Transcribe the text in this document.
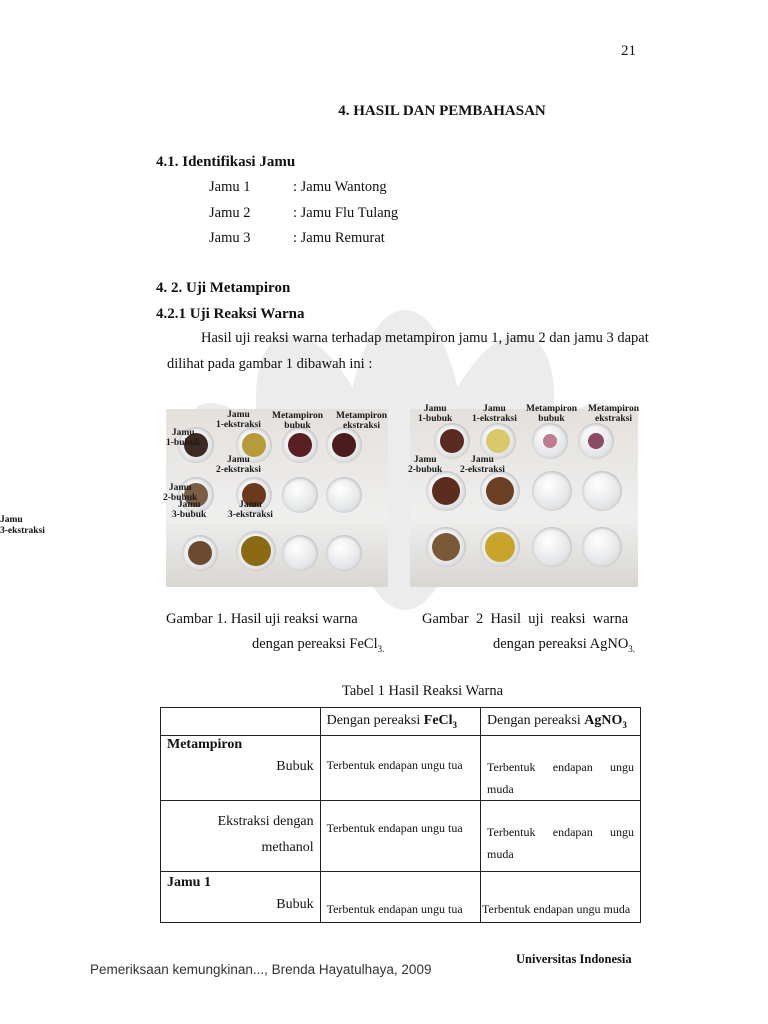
21
4. HASIL DAN PEMBAHASAN
4.1. Identifikasi Jamu
Jamu 1	: Jamu Wantong
Jamu 2	: Jamu Flu Tulang
Jamu 3	: Jamu Remurat
4. 2. Uji Metampiron
4.2.1 Uji Reaksi Warna
Hasil uji reaksi warna terhadap metampiron jamu 1, jamu 2 dan jamu 3 dapat
dilihat pada gambar 1 dibawah ini :
Jamu
1-ekstraksi
Metampiron
bubuk
Metampiron
ekstraksi
Jamu
1-bubuk
Jamu
2-ekstraksi
Jamu
2-bubuk
Jamu
3-bubuk
Jamu
3-ekstraksi
Jamu
1-bubuk
Jamu
1-ekstraksi
Metampiron
bubuk
Metampiron
ekstraksi
Jamu
2-bubuk
Jamu
2-ekstraksi
Jamu
3-ekstraksi
Gambar 1. Hasil uji reaksi warna
dengan pereaksi FeCl$_{3.}$
Gambar  2  Hasil  uji  reaksi  warna
dengan pereaksi AgNO$_{3.}$
Tabel 1 Hasil Reaksi Warna
	Dengan pereaksi FeCl$_3$	Dengan pereaksi AgNO$_3$

Metampiron
Bubuk	Terbentuk endapan ungu tua	Terbentuk endapan ungu muda

Ekstraksi dengan
methanol	Terbentuk endapan ungu tua	Terbentuk endapan ungu muda

Jamu 1
Bubuk	Terbentuk endapan ungu tua	Terbentuk endapan ungu muda
Universitas Indonesia
Pemeriksaan kemungkinan..., Brenda Hayatulhaya, 2009
